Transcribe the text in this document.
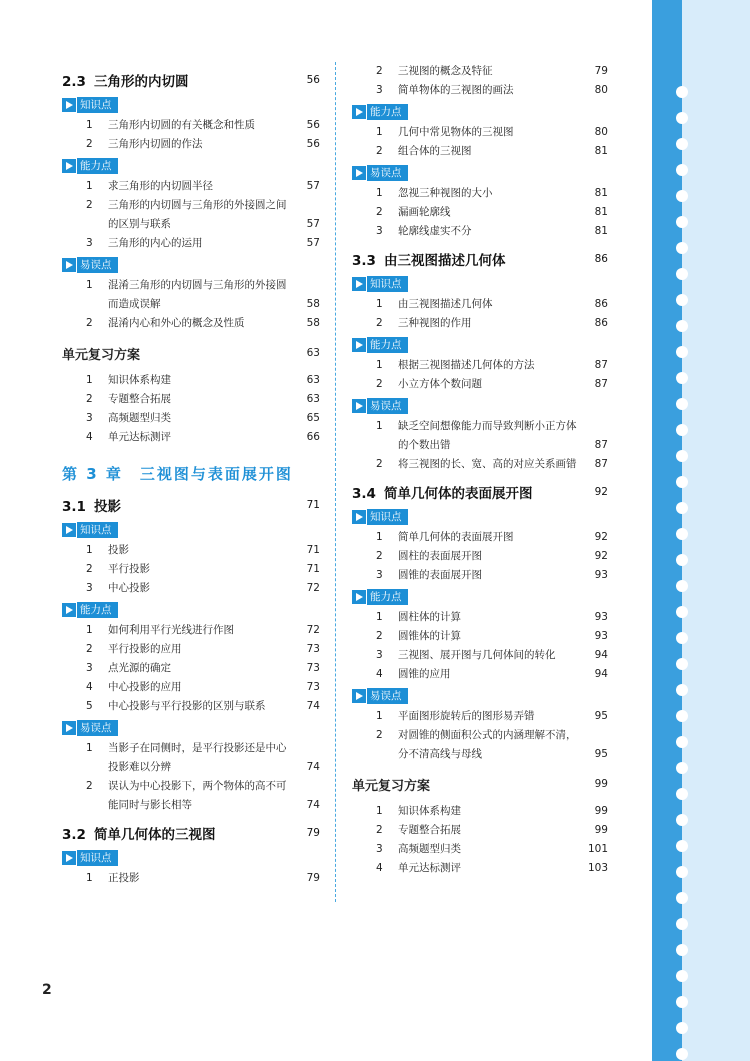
2.3 三角形的内切圆	56
知识点
1	三角形内切圆的有关概念和性质	56
2	三角形内切圆的作法	56
能力点
1	求三角形的内切圆半径	57
2	三角形的内切圆与三角形的外接圆之间
的区别与联系	57
3	三角形的内心的运用	57
易误点
1	混淆三角形的内切圆与三角形的外接圆
而造成误解	58
2	混淆内心和外心的概念及性质	58
单元复习方案	63
1	知识体系构建	63
2	专题整合拓展	63
3	高频题型归类	65
4	单元达标测评	66
第 3 章　三视图与表面展开图
3.1 投影	71
知识点
1	投影	71
2	平行投影	71
3	中心投影	72
能力点
1	如何利用平行光线进行作图	72
2	平行投影的应用	73
3	点光源的确定	73
4	中心投影的应用	73
5	中心投影与平行投影的区别与联系	74
易误点
1	当影子在同侧时，是平行投影还是中心
投影难以分辨	74
2	误认为中心投影下，两个物体的高不可
能同时与影长相等	74
3.2 简单几何体的三视图	79
知识点
1	正投影	79
2	三视图的概念及特征	79
3	简单物体的三视图的画法	80
能力点
1	几何中常见物体的三视图	80
2	组合体的三视图	81
易误点
1	忽视三种视图的大小	81
2	漏画轮廓线	81
3	轮廓线虚实不分	81
3.3 由三视图描述几何体	86
知识点
1	由三视图描述几何体	86
2	三种视图的作用	86
能力点
1	根据三视图描述几何体的方法	87
2	小立方体个数问题	87
易误点
1	缺乏空间想像能力而导致判断小正方体
的个数出错	87
2	将三视图的长、宽、高的对应关系画错	87
3.4 简单几何体的表面展开图	92
知识点
1	简单几何体的表面展开图	92
2	圆柱的表面展开图	92
3	圆锥的表面展开图	93
能力点
1	圆柱体的计算	93
2	圆锥体的计算	93
3	三视图、展开图与几何体间的转化	94
4	圆锥的应用	94
易误点
1	平面图形旋转后的图形易弄错	95
2	对圆锥的侧面积公式的内涵理解不清，
分不清高线与母线	95
单元复习方案	99
1	知识体系构建	99
2	专题整合拓展	99
3	高频题型归类	101
4	单元达标测评	103
2
